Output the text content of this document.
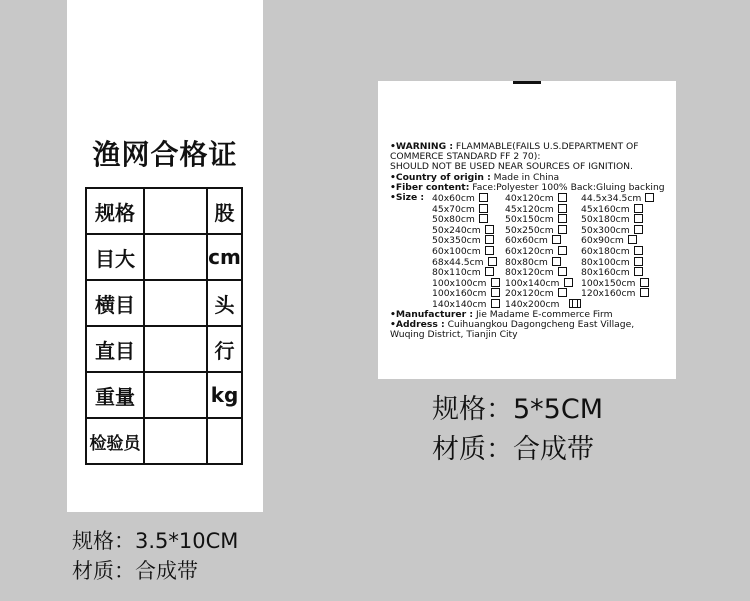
渔网合格证
规格		股
目大		cm
横目		头
直目		行
重量		kg
检验员		
规格：3.5*10CM
材质：合成带
•WARNING : FLAMMABLE(FAILS U.S.DEPARTMENT OF
COMMERCE STANDARD FF 2 70):
SHOULD NOT BE USED NEAR SOURCES OF IGNITION.
•Country of origin : Made in China
•Fiber content: Face:Polyester 100% Back:Gluing backing
•Size : 40x60cm	40x120cm	44.5x34.5cm
45x70cm	45x120cm	45x160cm
50x80cm	50x150cm	50x180cm
50x240cm	50x250cm	50x300cm
50x350cm	60x60cm	60x90cm
60x100cm	60x120cm	60x180cm
68x44.5cm	80x80cm	80x100cm
80x110cm	80x120cm	80x160cm
100x100cm	100x140cm	100x150cm
100x160cm	20x120cm	120x160cm
140x140cm	140x200cm
•Manufacturer : Jie Madame E-commerce Firm
•Address : Cuihuangkou Dagongcheng East Village,
Wuqing District, Tianjin City
规格：5*5CM
材质：合成带
